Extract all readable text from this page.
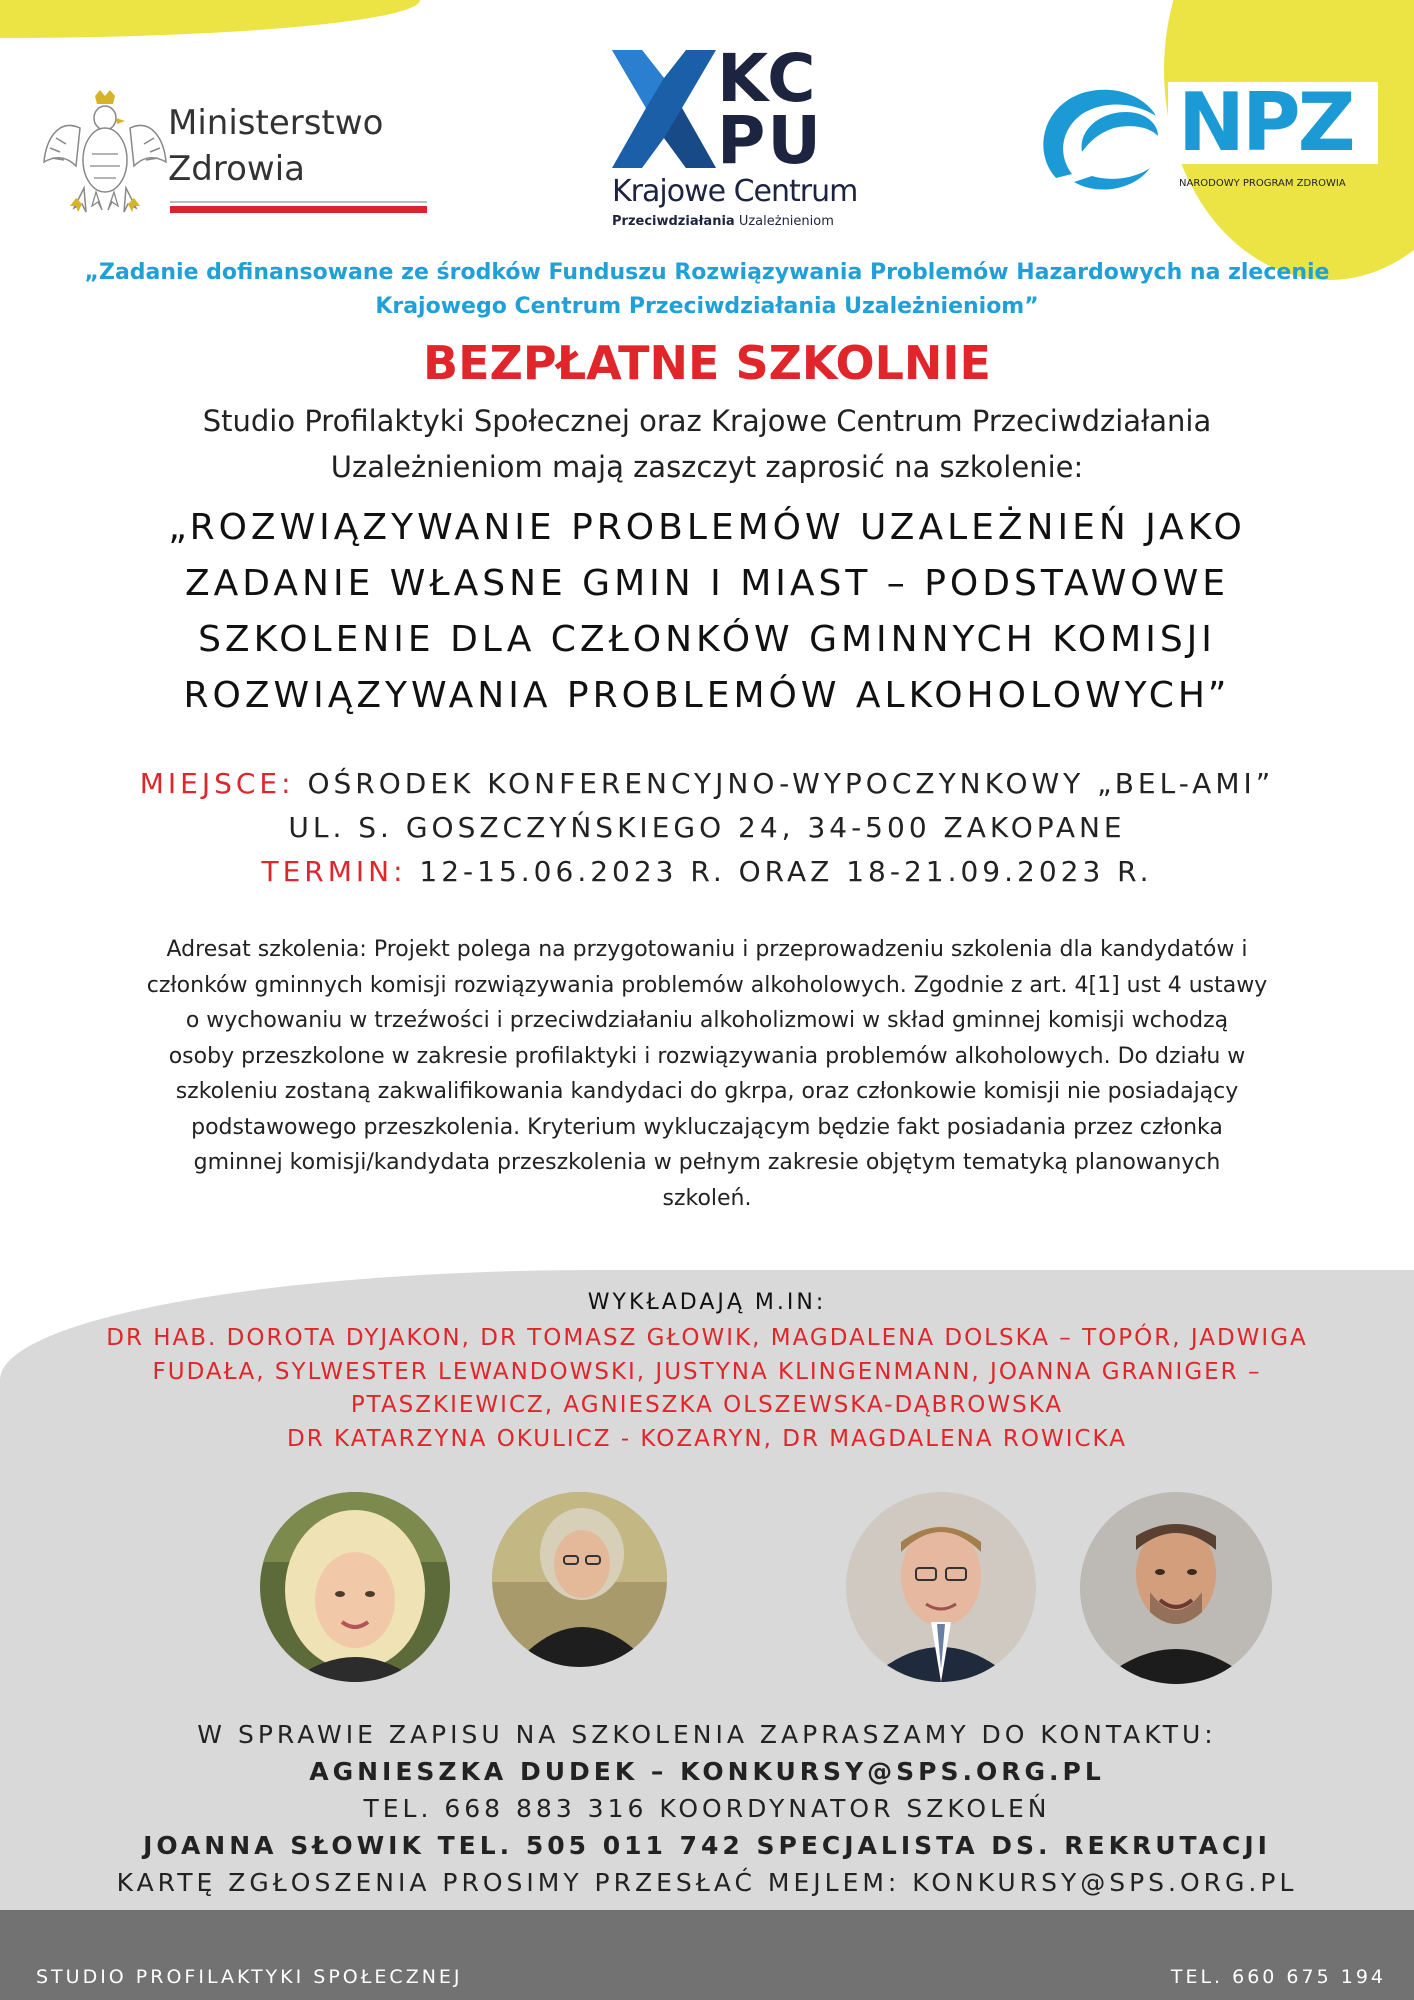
Ministerstwo
Zdrowia
KC
PU
Krajowe Centrum
Przeciwdziałania Uzależnieniom
NPZ
NARODOWY PROGRAM ZDROWIA
„Zadanie dofinansowane ze środków Funduszu Rozwiązywania Problemów Hazardowych na zlecenie
Krajowego Centrum Przeciwdziałania Uzależnieniom”
BEZPŁATNE SZKOLNIE
Studio Profilaktyki Społecznej oraz Krajowe Centrum Przeciwdziałania
Uzależnieniom mają zaszczyt zaprosić na szkolenie:
„ROZWIĄZYWANIE PROBLEMÓW UZALEŻNIEŃ JAKO
ZADANIE WŁASNE GMIN I MIAST – PODSTAWOWE
SZKOLENIE DLA CZŁONKÓW GMINNYCH KOMISJI
ROZWIĄZYWANIA PROBLEMÓW ALKOHOLOWYCH”
MIEJSCE: OŚRODEK KONFERENCYJNO-WYPOCZYNKOWY „BEL-AMI”
UL. S. GOSZCZYŃSKIEGO 24, 34-500 ZAKOPANE
TERMIN: 12-15.06.2023 R. ORAZ 18-21.09.2023 R.
Adresat szkolenia: Projekt polega na przygotowaniu i przeprowadzeniu szkolenia dla kandydatów i
członków gminnych komisji rozwiązywania problemów alkoholowych. Zgodnie z art. 4[1] ust 4 ustawy
o wychowaniu w trzeźwości i przeciwdziałaniu alkoholizmowi w skład gminnej komisji wchodzą
osoby przeszkolone w zakresie profilaktyki i rozwiązywania problemów alkoholowych. Do działu w
szkoleniu zostaną zakwalifikowania kandydaci do gkrpa, oraz członkowie komisji nie posiadający
podstawowego przeszkolenia. Kryterium wykluczającym będzie fakt posiadania przez członka
gminnej komisji/kandydata przeszkolenia w pełnym zakresie objętym tematyką planowanych
szkoleń.
WYKŁADAJĄ M.IN:
DR HAB. DOROTA DYJAKON, DR TOMASZ GŁOWIK, MAGDALENA DOLSKA – TOPÓR, JADWIGA
FUDAŁA, SYLWESTER LEWANDOWSKI, JUSTYNA KLINGENMANN, JOANNA GRANIGER –
PTASZKIEWICZ, AGNIESZKA OLSZEWSKA-DĄBROWSKA
DR KATARZYNA OKULICZ - KOZARYN, DR MAGDALENA ROWICKA
W SPRAWIE ZAPISU NA SZKOLENIA ZAPRASZAMY DO KONTAKTU:
AGNIESZKA DUDEK – KONKURSY@SPS.ORG.PL
TEL. 668 883 316 KOORDYNATOR SZKOLEŃ
JOANNA SŁOWIK TEL. 505 011 742 SPECJALISTA DS. REKRUTACJI
KARTĘ ZGŁOSZENIA PROSIMY PRZESŁAĆ MEJLEM: KONKURSY@SPS.ORG.PL
STUDIO PROFILAKTYKI SPOŁECZNEJ	TEL. 660 675 194
